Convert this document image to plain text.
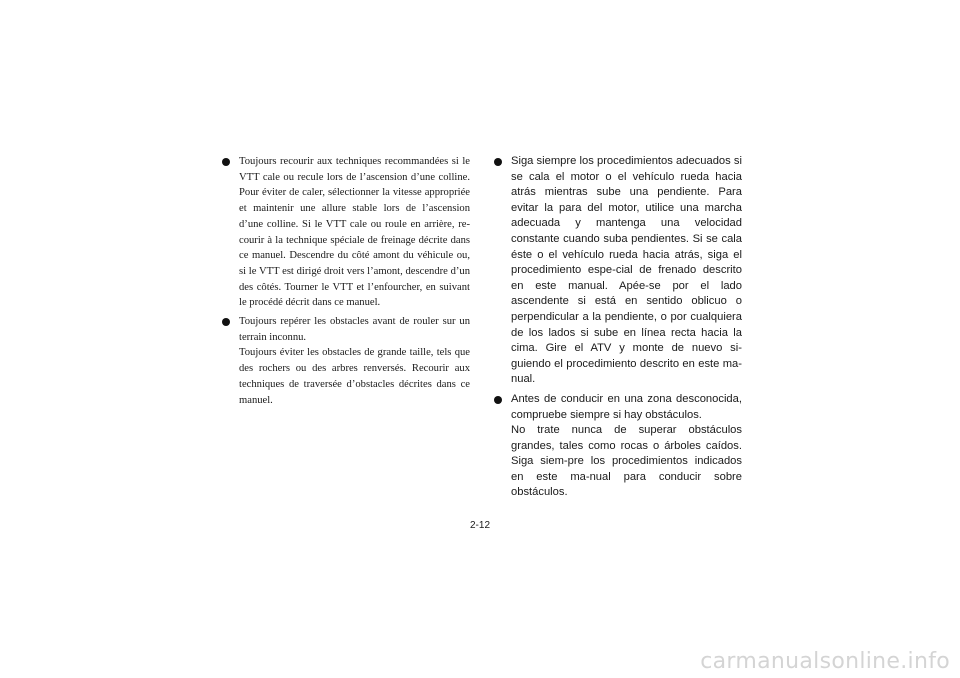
Toujours recourir aux techniques recommandées si le VTT cale ou recule lors de l’ascension d’une colline. Pour éviter de caler, sélectionner la vitesse appropriée et maintenir une allure stable lors de l’ascension d’une colline. Si le VTT cale ou roule en arrière, re-courir à la technique spéciale de freinage décrite dans ce manuel. Descendre du côté amont du véhicule ou, si le VTT est dirigé droit vers l’amont, descendre d’un des côtés. Tourner le VTT et l’enfourcher, en suivant le procédé décrit dans ce manuel.

Toujours repérer les obstacles avant de rouler sur un terrain inconnu.

Toujours éviter les obstacles de grande taille, tels que des rochers ou des arbres renversés. Recourir aux techniques de traversée d’obstacles décrites dans ce manuel.

Siga siempre los procedimientos adecuados si se cala el motor o el vehículo rueda hacia atrás mientras sube una pendiente. Para evitar la para del motor, utilice una marcha adecuada y mantenga una velocidad constante cuando suba pendientes. Si se cala éste o el vehículo rueda hacia atrás, siga el procedimiento espe-cial de frenado descrito en este manual. Apée-se por el lado ascendente si está en sentido oblicuo o perpendicular a la pendiente, o por cualquiera de los lados si sube en línea recta hacia la cima. Gire el ATV y monte de nuevo si-guiendo el procedimiento descrito en este ma-nual.

Antes de conducir en una zona desconocida, compruebe siempre si hay obstáculos.

No trate nunca de superar obstáculos grandes, tales como rocas o árboles caídos. Siga siem-pre los procedimientos indicados en este ma-nual para conducir sobre obstáculos.

2-12
carmanualsonline.info
